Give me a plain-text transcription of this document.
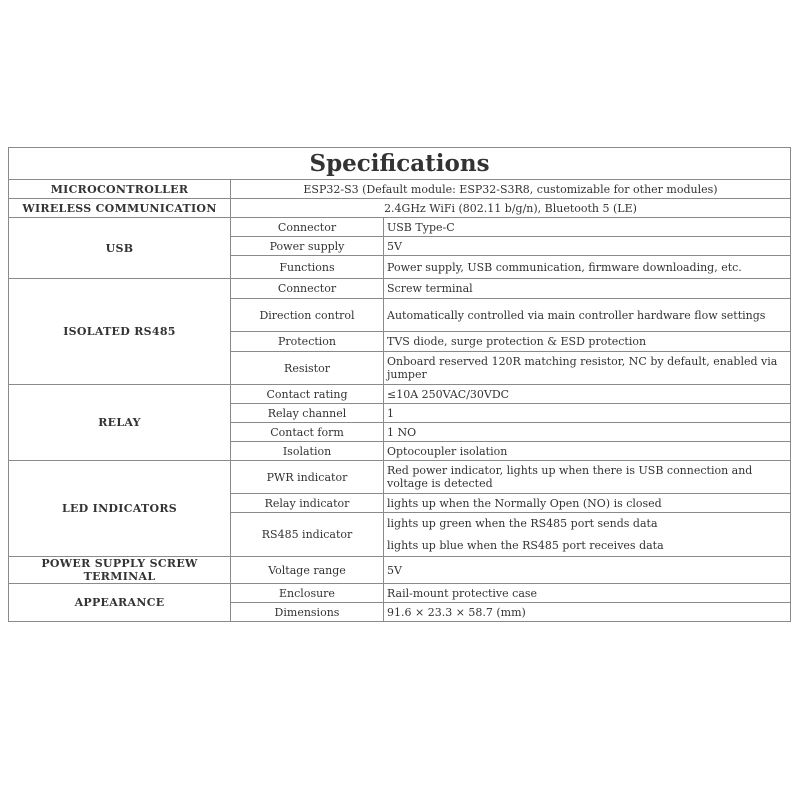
Specifications		
MICROCONTROLLER	ESP32-S3 (Default module: ESP32-S3R8, customizable for other modules)	
WIRELESS COMMUNICATION	2.4GHz WiFi (802.11 b/g/n), Bluetooth 5 (LE)	
USB	Connector	USB Type-C
	Power supply	5V
	Functions	Power supply, USB communication, firmware downloading, etc.
ISOLATED RS485	Connector	Screw terminal
	Direction control	Automatically controlled via main controller hardware flow settings
	Protection	TVS diode, surge protection & ESD protection
	Resistor	Onboard reserved 120R matching resistor, NC by default, enabled via jumper
RELAY	Contact rating	≤10A 250VAC/30VDC
	Relay channel	1
	Contact form	1 NO
	Isolation	Optocoupler isolation
LED INDICATORS	PWR indicator	Red power indicator, lights up when there is USB connection and voltage is detected
	Relay indicator	lights up when the Normally Open (NO) is closed
	RS485 indicator	lights up green when the RS485 port sends data
lights up blue when the RS485 port receives data

POWER SUPPLY SCREW TERMINAL	Voltage range	5V
APPEARANCE	Enclosure	Rail-mount protective case
	Dimensions	91.6 × 23.3 × 58.7 (mm)
